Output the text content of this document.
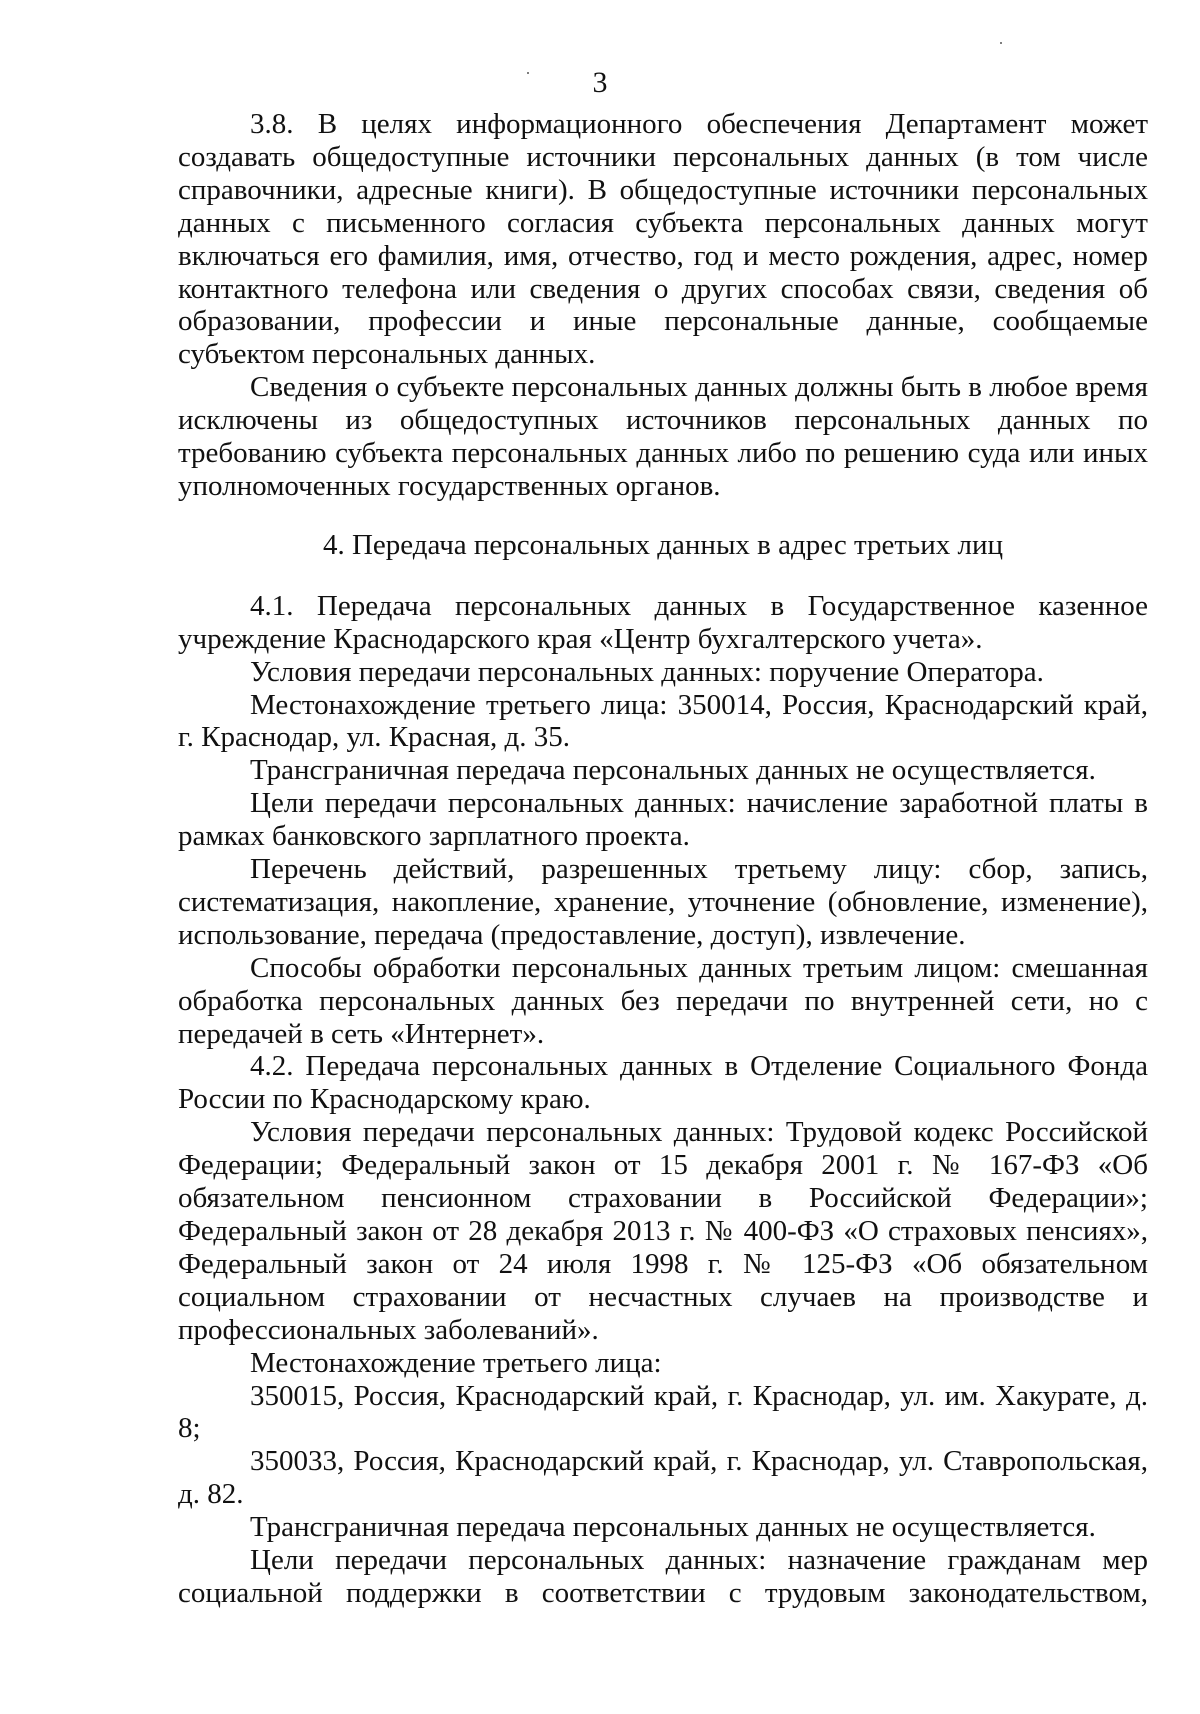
3

3.8. В целях информационного обеспечения Департамент может создавать общедоступные источники персональных данных (в том числе справочники, адресные книги). В общедоступные источники персональных данных с письменного согласия субъекта персональных данных могут включаться его фамилия, имя, отчество, год и место рождения, адрес, номер контактного телефона или сведения о других способах связи, сведения об образовании, профессии и иные персональные данные, сообщаемые субъектом персональных данных.

Сведения о субъекте персональных данных должны быть в любое время исключены из общедоступных источников персональных данных по требованию субъекта персональных данных либо по решению суда или иных уполномоченных государственных органов.

4. Передача персональных данных в адрес третьих лиц

4.1. Передача персональных данных в Государственное казенное учреждение Краснодарского края «Центр бухгалтерского учета».

Условия передачи персональных данных: поручение Оператора.

Местонахождение третьего лица: 350014, Россия, Краснодарский край, г. Краснодар, ул. Красная, д. 35.

Трансграничная передача персональных данных не осуществляется.

Цели передачи персональных данных: начисление заработной платы в рамках банковского зарплатного проекта.

Перечень действий, разрешенных третьему лицу: сбор, запись, систематизация, накопление, хранение, уточнение (обновление, изменение), использование, передача (предоставление, доступ), извлечение.

Способы обработки персональных данных третьим лицом: смешанная обработка персональных данных без передачи по внутренней сети, но с передачей в сеть «Интернет».

4.2. Передача персональных данных в Отделение Социального Фонда России по Краснодарскому краю.

Условия передачи персональных данных: Трудовой кодекс Российской Федерации; Федеральный закон от 15 декабря 2001 г. № 167-ФЗ «Об обязательном пенсионном страховании в Российской Федерации»; Федеральный закон от 28 декабря 2013 г. № 400-ФЗ «О страховых пенсиях», Федеральный закон от 24 июля 1998 г. № 125-ФЗ «Об обязательном социальном страховании от несчастных случаев на производстве и профессиональных заболеваний».

Местонахождение третьего лица:

350015, Россия, Краснодарский край, г. Краснодар, ул. им. Хакурате, д. 8;

350033, Россия, Краснодарский край, г. Краснодар, ул. Ставропольская, д. 82.

Трансграничная передача персональных данных не осуществляется.

Цели передачи персональных данных: назначение гражданам мер социальной поддержки в соответствии с трудовым законодательством,
